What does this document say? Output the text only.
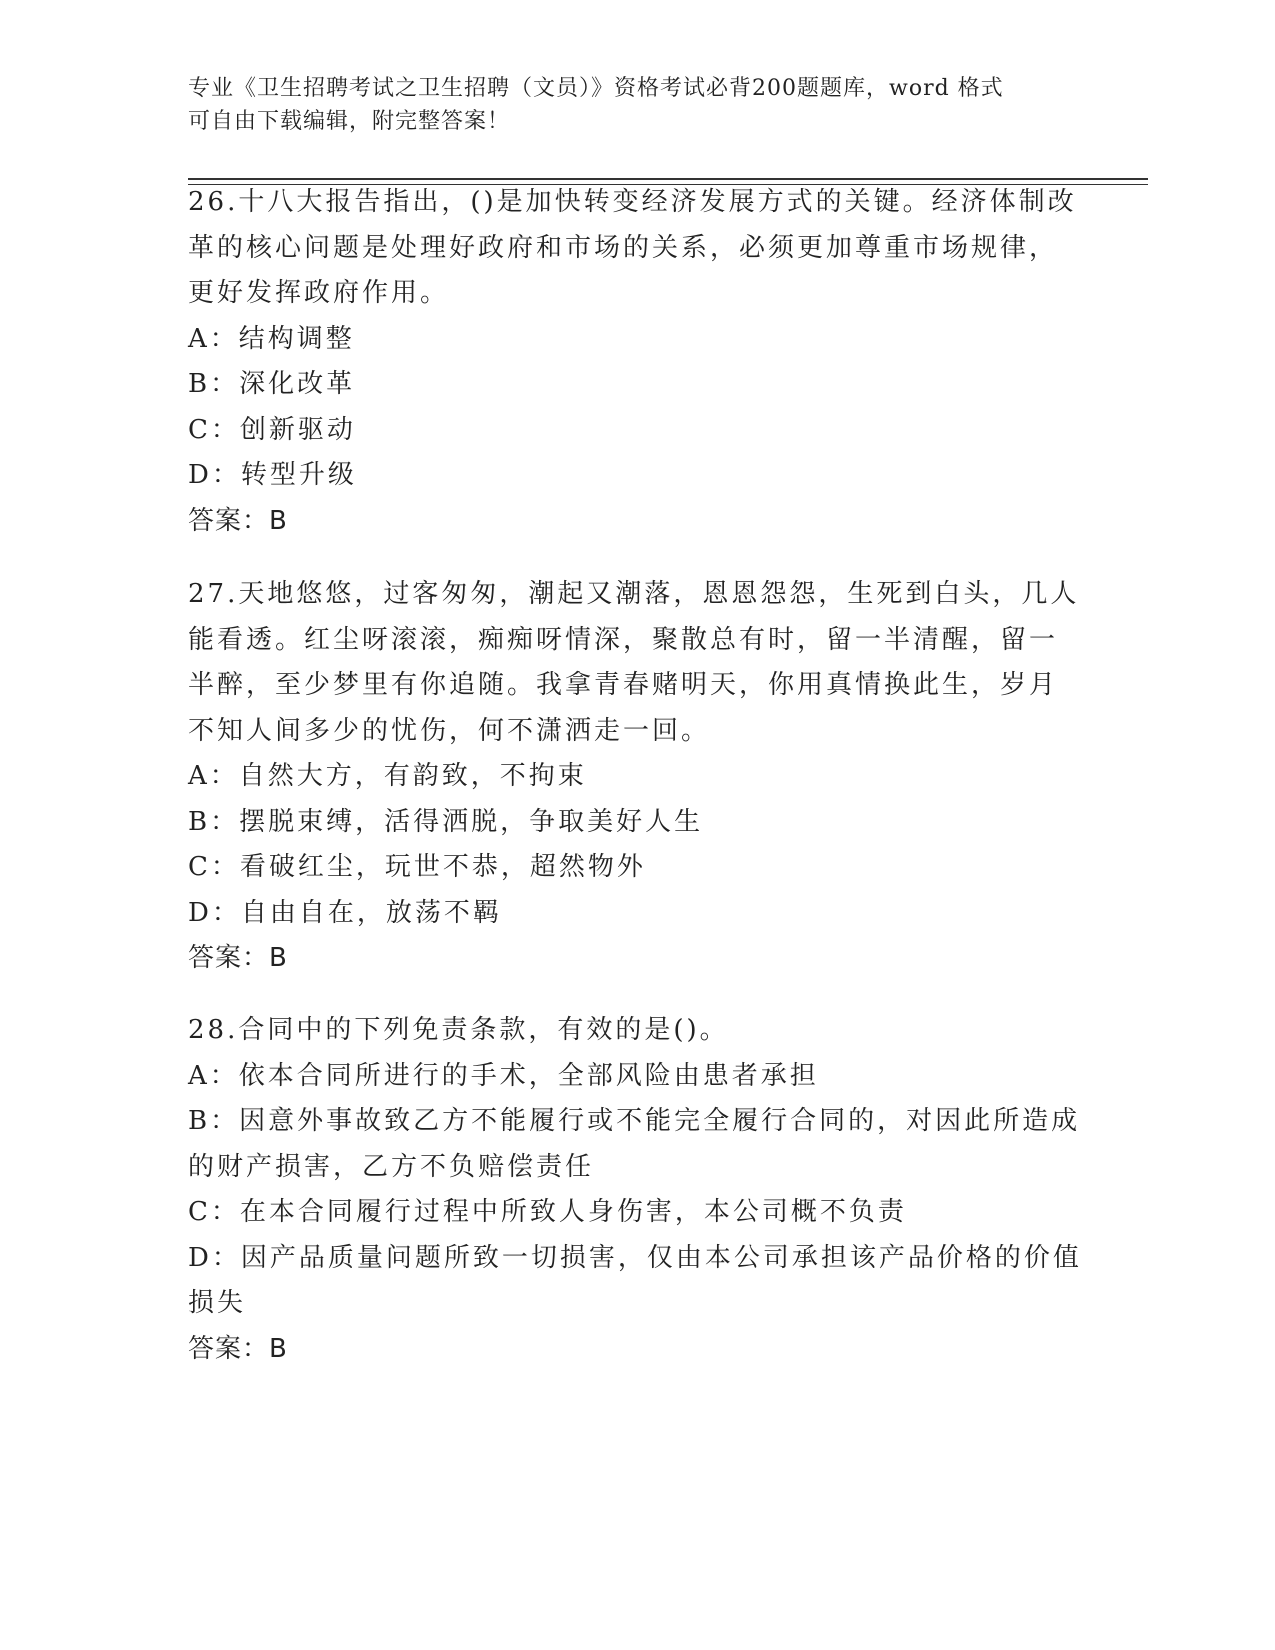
专业《卫生招聘考试之卫生招聘（文员）》资格考试必背200题题库，word 格式
可自由下载编辑，附完整答案！

26.十八大报告指出，()是加快转变经济发展方式的关键。经济体制改

革的核心问题是处理好政府和市场的关系，必须更加尊重市场规律，

更好发挥政府作用。

A：结构调整

B：深化改革

C：创新驱动

D：转型升级

答案：B

27.天地悠悠，过客匆匆，潮起又潮落，恩恩怨怨，生死到白头，几人

能看透。红尘呀滚滚，痴痴呀情深，聚散总有时，留一半清醒，留一

半醉，至少梦里有你追随。我拿青春赌明天，你用真情换此生，岁月

不知人间多少的忧伤，何不潇洒走一回。

A：自然大方，有韵致，不拘束

B：摆脱束缚，活得洒脱，争取美好人生

C：看破红尘，玩世不恭，超然物外

D：自由自在，放荡不羁

答案：B

28.合同中的下列免责条款，有效的是()。

A：依本合同所进行的手术，全部风险由患者承担

B：因意外事故致乙方不能履行或不能完全履行合同的，对因此所造成

的财产损害，乙方不负赔偿责任

C：在本合同履行过程中所致人身伤害，本公司概不负责

D：因产品质量问题所致一切损害，仅由本公司承担该产品价格的价值

损失

答案：B
